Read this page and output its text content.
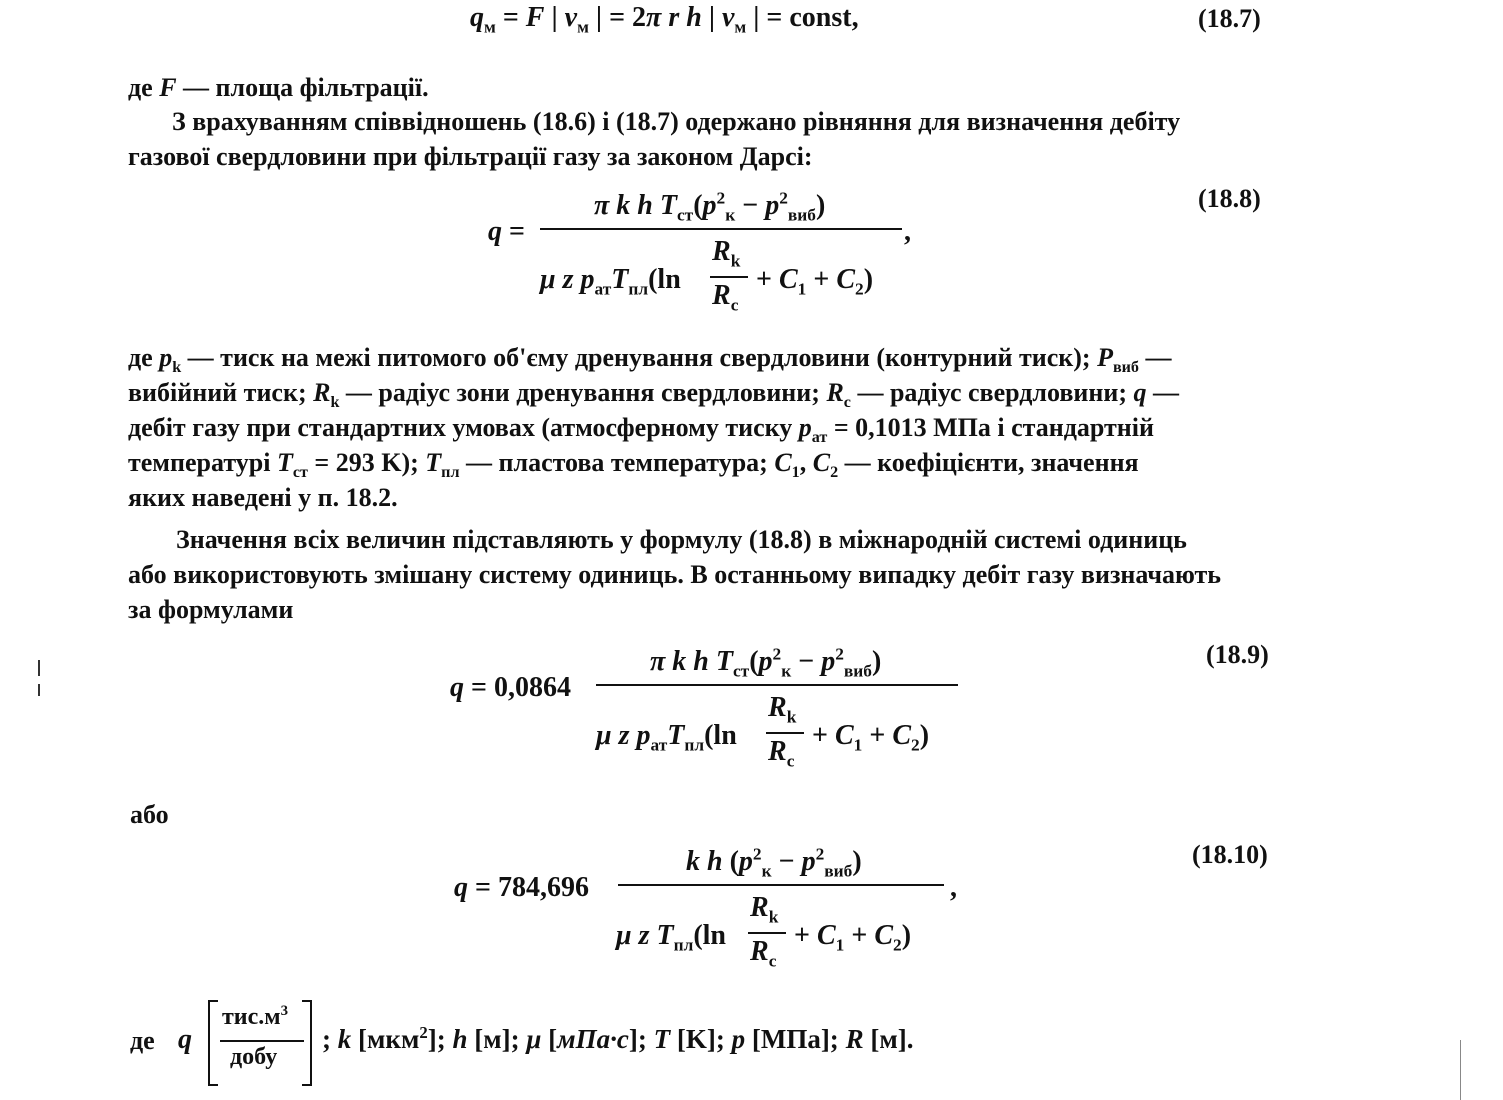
$q_м = F$ | $v_м$ | = 2π r h | $v_м$ | = const,	(18.7)
де F — площа фільтрації.
З врахуванням співвідношень (18.6) і (18.7) одержано рівняння для визначення дебіту
газової свердловини при фільтрації газу за законом Дарсі:
q =
π k h $T_{ст}(p^2_к - p^2_{виб})$
,
μ z $p_{ат}T_{пл}(\ln$
$R_k$
$R_c$
+ $C_1 + C_2$)
(18.8)
де $p_k$ — тиск на межі питомого об'єму дренування свердловини (контурний тиск); $P_{виб}$ —
вибійний тиск; $R_k$ — радіус зони дренування свердловини; $R_c$ — радіус свердловини; q —
дебіт газу при стандартних умовах (атмосферному тиску $p_{ат} = 0,1013$ МПа і стандартній
температурі $T_{ст} = 293$ K); $T_{пл}$ — пластова температура; $C_1$, $C_2$ — коефіцієнти, значення
яких наведені у п. 18.2.
Значення всіх величин підставляють у формулу (18.8) в міжнародній системі одиниць
або використовують змішану систему одиниць. В останньому випадку дебіт газу визначають
за формулами
q = 0,0864
π k h $T_{ст}(p^2_к - p^2_{виб})$
μ z $p_{ат}T_{пл}(\ln$
$R_k$
$R_c$
+ $C_1 + C_2$)
(18.9)
або
q = 784,696
k h $(p^2_к - p^2_{виб})$
,
μ z $T_{пл}(\ln$
$R_k$
$R_c$
+ $C_1 + C_2$)
(18.10)
де q
$тис.м^3$
добу
; k [мкм$^2$]; h [м]; μ [мПа·с]; T [K]; p [МПа]; R [м].
